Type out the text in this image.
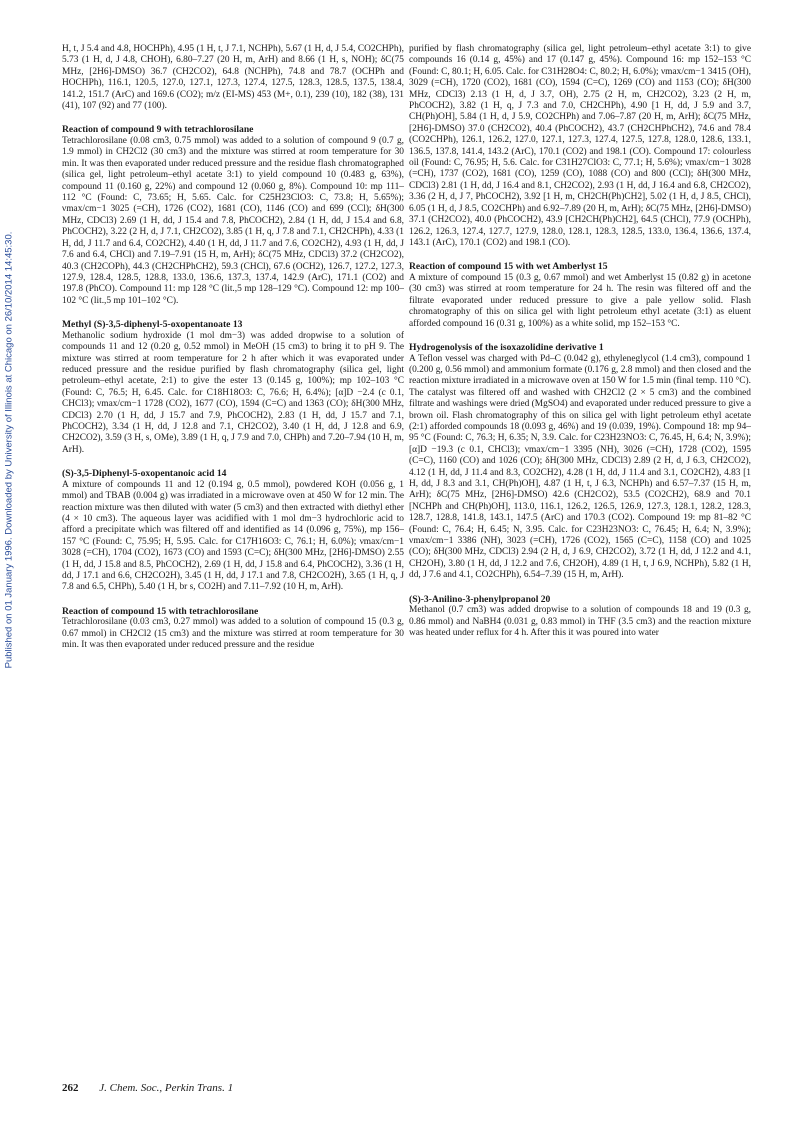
Published on 01 January 1996. Downloaded by University of Illinois at Chicago on 26/10/2014 14:45:30.

H, t, J 5.4 and 4.8, HOCHPh), 4.95 (1 H, t, J 7.1, NCHPh), 5.67 (1 H, d, J 5.4, CO2CHPh), 5.73 (1 H, d, J 4.8, CHOH), 6.80–7.27 (20 H, m, ArH) and 8.66 (1 H, s, NOH); δC(75 MHz, [2H6]-DMSO) 36.7 (CH2CO2), 64.8 (NCHPh), 74.8 and 78.7 (OCHPh and HOCHPh), 116.1, 120.5, 127.0, 127.1, 127.3, 127.4, 127.5, 128.3, 128.5, 137.5, 138.4, 141.2, 151.7 (ArC) and 169.6 (CO2); m/z (EI-MS) 453 (M+, 0.1), 239 (10), 182 (38), 131 (41), 107 (92) and 77 (100).

Reaction of compound 9 with tetrachlorosilane

Tetrachlorosilane (0.08 cm3, 0.75 mmol) was added to a solution of compound 9 (0.7 g, 1.9 mmol) in CH2Cl2 (30 cm3) and the mixture was stirred at room temperature for 30 min. It was then evaporated under reduced pressure and the residue flash chromatographed (silica gel, light petroleum–ethyl acetate 3:1) to yield compound 10 (0.483 g, 63%), compound 11 (0.160 g, 22%) and compound 12 (0.060 g, 8%). Compound 10: mp 111–112 °C (Found: C, 73.65; H, 5.65. Calc. for C25H23ClO3: C, 73.8; H, 5.65%); νmax/cm−1 3025 (=CH), 1726 (CO2), 1681 (CO), 1146 (CO) and 699 (CCl); δH(300 MHz, CDCl3) 2.69 (1 H, dd, J 15.4 and 7.8, PhCOCH2), 2.84 (1 H, dd, J 15.4 and 6.8, PhCOCH2), 3.22 (2 H, d, J 7.1, CH2CO2), 3.85 (1 H, q, J 7.8 and 7.1, CH2CHPh), 4.33 (1 H, dd, J 11.7 and 6.4, CO2CH2), 4.40 (1 H, dd, J 11.7 and 7.6, CO2CH2), 4.93 (1 H, dd, J 7.6 and 6.4, CHCl) and 7.19–7.91 (15 H, m, ArH); δC(75 MHz, CDCl3) 37.2 (CH2CO2), 40.3 (CH2COPh), 44.3 (CH2CHPhCH2), 59.3 (CHCl), 67.6 (OCH2), 126.7, 127.2, 127.3, 127.9, 128.4, 128.5, 128.8, 133.0, 136.6, 137.3, 137.4, 142.9 (ArC), 171.1 (CO2) and 197.8 (PhCO). Compound 11: mp 128 °C (lit.,5 mp 128–129 °C). Compound 12: mp 100–102 °C (lit.,5 mp 101–102 °C).

Methyl (S)-3,5-diphenyl-5-oxopentanoate 13

Methanolic sodium hydroxide (1 mol dm−3) was added dropwise to a solution of compounds 11 and 12 (0.20 g, 0.52 mmol) in MeOH (15 cm3) to bring it to pH 9. The mixture was stirred at room temperature for 2 h after which it was evaporated under reduced pressure and the residue purified by flash chromatography (silica gel, light petroleum–ethyl acetate, 2:1) to give the ester 13 (0.145 g, 100%); mp 102–103 °C (Found: C, 76.5; H, 6.45. Calc. for C18H18O3: C, 76.6; H, 6.4%); [α]D −2.4 (c 0.1, CHCl3); νmax/cm−1 1728 (CO2), 1677 (CO), 1594 (C=C) and 1363 (CO); δH(300 MHz, CDCl3) 2.70 (1 H, dd, J 15.7 and 7.9, PhCOCH2), 2.83 (1 H, dd, J 15.7 and 7.1, PhCOCH2), 3.34 (1 H, dd, J 12.8 and 7.1, CH2CO2), 3.40 (1 H, dd, J 12.8 and 6.9, CH2CO2), 3.59 (3 H, s, OMe), 3.89 (1 H, q, J 7.9 and 7.0, CHPh) and 7.20–7.94 (10 H, m, ArH).

(S)-3,5-Diphenyl-5-oxopentanoic acid 14

A mixture of compounds 11 and 12 (0.194 g, 0.5 mmol), powdered KOH (0.056 g, 1 mmol) and TBAB (0.004 g) was irradiated in a microwave oven at 450 W for 12 min. The reaction mixture was then diluted with water (5 cm3) and then extracted with diethyl ether (4 × 10 cm3). The aqueous layer was acidified with 1 mol dm−3 hydrochloric acid to afford a precipitate which was filtered off and identified as 14 (0.096 g, 75%), mp 156–157 °C (Found: C, 75.95; H, 5.95. Calc. for C17H16O3: C, 76.1; H, 6.0%); νmax/cm−1 3028 (=CH), 1704 (CO2), 1673 (CO) and 1593 (C=C); δH(300 MHz, [2H6]-DMSO) 2.55 (1 H, dd, J 15.8 and 8.5, PhCOCH2), 2.69 (1 H, dd, J 15.8 and 6.4, PhCOCH2), 3.36 (1 H, dd, J 17.1 and 6.6, CH2CO2H), 3.45 (1 H, dd, J 17.1 and 7.8, CH2CO2H), 3.65 (1 H, q, J 7.8 and 6.5, CHPh), 5.40 (1 H, br s, CO2H) and 7.11–7.92 (10 H, m, ArH).

Reaction of compound 15 with tetrachlorosilane

Tetrachlorosilane (0.03 cm3, 0.27 mmol) was added to a solution of compound 15 (0.3 g, 0.67 mmol) in CH2Cl2 (15 cm3) and the mixture was stirred at room temperature for 30 min. It was then evaporated under reduced pressure and the residue

purified by flash chromatography (silica gel, light petroleum–ethyl acetate 3:1) to give compounds 16 (0.14 g, 45%) and 17 (0.147 g, 45%). Compound 16: mp 152–153 °C (Found: C, 80.1; H, 6.05. Calc. for C31H28O4: C, 80.2; H, 6.0%); νmax/cm−1 3415 (OH), 3029 (=CH), 1720 (CO2), 1681 (CO), 1594 (C=C), 1269 (CO) and 1153 (CO); δH(300 MHz, CDCl3) 2.13 (1 H, d, J 3.7, OH), 2.75 (2 H, m, CH2CO2), 3.23 (2 H, m, PhCOCH2), 3.82 (1 H, q, J 7.3 and 7.0, CH2CHPh), 4.90 [1 H, dd, J 5.9 and 3.7, CH(Ph)OH], 5.84 (1 H, d, J 5.9, CO2CHPh) and 7.06–7.87 (20 H, m, ArH); δC(75 MHz, [2H6]-DMSO) 37.0 (CH2CO2), 40.4 (PhCOCH2), 43.7 (CH2CHPhCH2), 74.6 and 78.4 (CO2CHPh), 126.1, 126.2, 127.0, 127.1, 127.3, 127.4, 127.5, 127.8, 128.0, 128.6, 133.1, 136.5, 137.8, 141.4, 143.2 (ArC), 170.1 (CO2) and 198.1 (CO). Compound 17: colourless oil (Found: C, 76.95; H, 5.6. Calc. for C31H27ClO3: C, 77.1; H, 5.6%); νmax/cm−1 3028 (=CH), 1737 (CO2), 1681 (CO), 1259 (CO), 1088 (CO) and 800 (CCl); δH(300 MHz, CDCl3) 2.81 (1 H, dd, J 16.4 and 8.1, CH2CO2), 2.93 (1 H, dd, J 16.4 and 6.8, CH2CO2), 3.36 (2 H, d, J 7, PhCOCH2), 3.92 [1 H, m, CH2CH(Ph)CH2], 5.02 (1 H, d, J 8.5, CHCl), 6.05 (1 H, d, J 8.5, CO2CHPh) and 6.92–7.89 (20 H, m, ArH); δC(75 MHz, [2H6]-DMSO) 37.1 (CH2CO2), 40.0 (PhCOCH2), 43.9 [CH2CH(Ph)CH2], 64.5 (CHCl), 77.9 (OCHPh), 126.2, 126.3, 127.4, 127.7, 127.9, 128.0, 128.1, 128.3, 128.5, 133.0, 136.4, 136.6, 137.4, 143.1 (ArC), 170.1 (CO2) and 198.1 (CO).

Reaction of compound 15 with wet Amberlyst 15

A mixture of compound 15 (0.3 g, 0.67 mmol) and wet Amberlyst 15 (0.82 g) in acetone (30 cm3) was stirred at room temperature for 24 h. The resin was filtered off and the filtrate evaporated under reduced pressure to give a pale yellow solid. Flash chromatography of this on silica gel with light petroleum ethyl acetate (3:1) as eluent afforded compound 16 (0.31 g, 100%) as a white solid, mp 152–153 °C.

Hydrogenolysis of the isoxazolidine derivative 1

A Teflon vessel was charged with Pd–C (0.042 g), ethyleneglycol (1.4 cm3), compound 1 (0.200 g, 0.56 mmol) and ammonium formate (0.176 g, 2.8 mmol) and then closed and the reaction mixture irradiated in a microwave oven at 150 W for 1.5 min (final temp. 110 °C). The catalyst was filtered off and washed with CH2Cl2 (2 × 5 cm3) and the combined filtrate and washings were dried (MgSO4) and evaporated under reduced pressure to give a brown oil. Flash chromatography of this on silica gel with light petroleum ethyl acetate (2:1) afforded compounds 18 (0.093 g, 46%) and 19 (0.039, 19%). Compound 18: mp 94–95 °C (Found: C, 76.3; H, 6.35; N, 3.9. Calc. for C23H23NO3: C, 76.45, H, 6.4; N, 3.9%); [α]D −19.3 (c 0.1, CHCl3); νmax/cm−1 3395 (NH), 3026 (=CH), 1728 (CO2), 1595 (C=C), 1160 (CO) and 1026 (CO); δH(300 MHz, CDCl3) 2.89 (2 H, d, J 6.3, CH2CO2), 4.12 (1 H, dd, J 11.4 and 8.3, CO2CH2), 4.28 (1 H, dd, J 11.4 and 3.1, CO2CH2), 4.83 [1 H, dd, J 8.3 and 3.1, CH(Ph)OH], 4.87 (1 H, t, J 6.3, NCHPh) and 6.57–7.37 (15 H, m, ArH); δC(75 MHz, [2H6]-DMSO) 42.6 (CH2CO2), 53.5 (CO2CH2), 68.9 and 70.1 [NCHPh and CH(Ph)OH], 113.0, 116.1, 126.2, 126.5, 126.9, 127.3, 128.1, 128.2, 128.3, 128.7, 128.8, 141.8, 143.1, 147.5 (ArC) and 170.3 (CO2). Compound 19: mp 81–82 °C (Found: C, 76.4; H, 6.45; N, 3.95. Calc. for C23H23NO3: C, 76.45; H, 6.4; N, 3.9%); νmax/cm−1 3386 (NH), 3023 (=CH), 1726 (CO2), 1565 (C=C), 1158 (CO) and 1025 (CO); δH(300 MHz, CDCl3) 2.94 (2 H, d, J 6.9, CH2CO2), 3.72 (1 H, dd, J 12.2 and 4.1, CH2OH), 3.80 (1 H, dd, J 12.2 and 7.6, CH2OH), 4.89 (1 H, t, J 6.9, NCHPh), 5.82 (1 H, dd, J 7.6 and 4.1, CO2CHPh), 6.54–7.39 (15 H, m, ArH).

(S)-3-Anilino-3-phenylpropanol 20

Methanol (0.7 cm3) was added dropwise to a solution of compounds 18 and 19 (0.3 g, 0.86 mmol) and NaBH4 (0.031 g, 0.83 mmol) in THF (3.5 cm3) and the reaction mixture was heated under reflux for 4 h. After this it was poured into water

262 J. Chem. Soc., Perkin Trans. 1
